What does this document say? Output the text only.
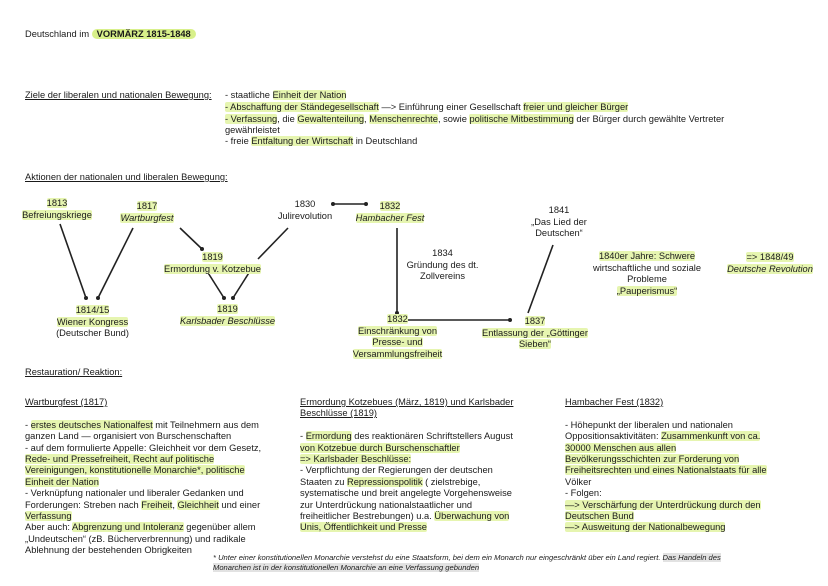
Deutschland im VORMÄRZ 1815-1848
Ziele der liberalen und nationalen Bewegung: - staatliche Einheit der Nation
- Abschaffung der Ständegesellschaft —> Einführung einer Gesellschaft freier und gleicher Bürger
- Verfassung, die Gewaltenteilung, Menschenrechte, sowie politische Mitbestimmung der Bürger durch gewählte Vertreter
gewährleistet
- freie Entfaltung der Wirtschaft in Deutschland
Aktionen der nationalen und liberalen Bewegung:
1813
Befreiungskriege
1817
Wartburgfest
1830
Julirevolution
1832
Hambacher Fest
1841
„Das Lied der
Deutschen“
1819
Ermordung v. Kotzebue
1834
Gründung des dt.
Zollvereins
1840er Jahre: Schwere
wirtschaftliche und soziale
Probleme
„Pauperismus“
=> 1848/49
Deutsche Revolution
1819
Karlsbader Beschlüsse
1814/15
Wiener Kongress
(Deutscher Bund)
1832
Einschränkung von
Presse- und
Versammlungsfreiheit
1837
Entlassung der „Göttinger
Sieben“
Restauration/ Reaktion:
Wartburgfest (1817)

- erstes deutsches Nationalfest mit Teilnehmern aus dem
ganzen Land — organisiert von Burschenschaften
- auf dem formulierte Appelle: Gleichheit vor dem Gesetz,
Rede- und Pressefreiheit, Recht auf politische
Vereinigungen, konstitutionelle Monarchie*, politische
Einheit der Nation
- Verknüpfung nationaler und liberaler Gedanken und
Forderungen: Streben nach Freiheit, Gleichheit und einer
Verfassung
Aber auch: Abgrenzung und Intoleranz gegenüber allem
„Undeutschen“ (zB. Bücherverbrennung) und radikale
Ablehnung der bestehenden Obrigkeiten
Ermordung Kotzebues (März, 1819) und Karlsbader
Beschlüsse (1819)

- Ermordung des reaktionären Schriftstellers August
von Kotzebue durch Burschenschaftler
=> Karlsbader Beschlüsse:
- Verpflichtung der Regierungen der deutschen
Staaten zu Repressionspolitik ( zielstrebige,
systematische und breit angelegte Vorgehensweise
zur Unterdrückung nationalstaatlicher und
freiheitlicher Bestrebungen) u.a. Überwachung von
Unis, Öffentlichkeit und Presse
Hambacher Fest (1832)

- Höhepunkt der liberalen und nationalen
Oppositionsaktivitäten: Zusammenkunft von ca.
30000 Menschen aus allen
Bevölkerungsschichten zur Forderung von
Freiheitsrechten und eines Nationalstaats für alle
Völker
- Folgen:
—> Verschärfung der Unterdrückung durch den
Deutschen Bund
—> Ausweitung der Nationalbewegung
* Unter einer konstitutionellen Monarchie verstehst du eine Staatsform, bei dem ein Monarch nur eingeschränkt über ein Land regiert. Das Handeln des
Monarchen ist in der konstitutionellen Monarchie an eine Verfassung gebunden
